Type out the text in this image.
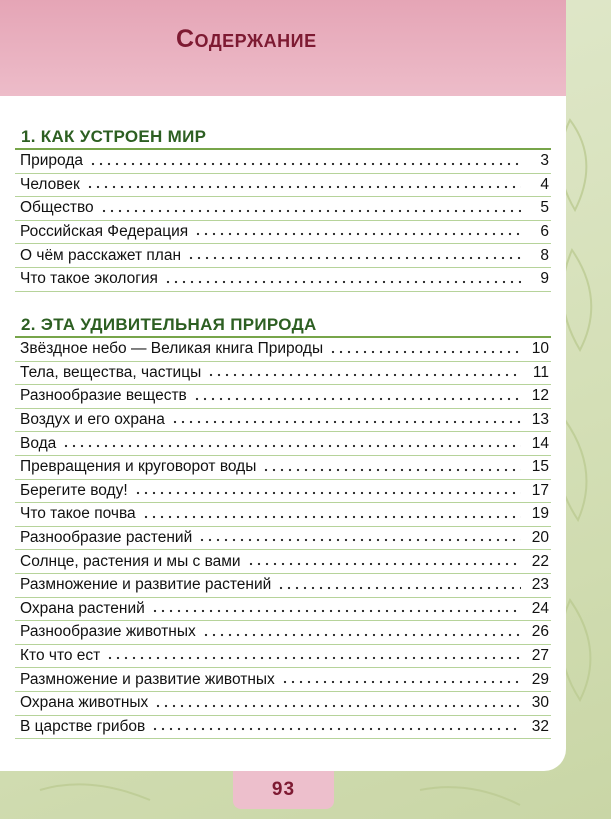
Содержание
1. КАК УСТРОЕН МИР
Природа	3
Человек	4
Общество	5
Российская Федерация	6
О чём расскажет план	8
Что такое экология	9
2. ЭТА УДИВИТЕЛЬНАЯ ПРИРОДА
Звёздное небо — Великая книга Природы	10
Тела, вещества, частицы	11
Разнообразие веществ	12
Воздух и его охрана	13
Вода	14
Превращения и круговорот воды	15
Берегите воду!	17
Что такое почва	19
Разнообразие растений	20
Солнце, растения и мы с вами	22
Размножение и развитие растений	23
Охрана растений	24
Разнообразие животных	26
Кто что ест	27
Размножение и развитие животных	29
Охрана животных	30
В царстве грибов	32
93
